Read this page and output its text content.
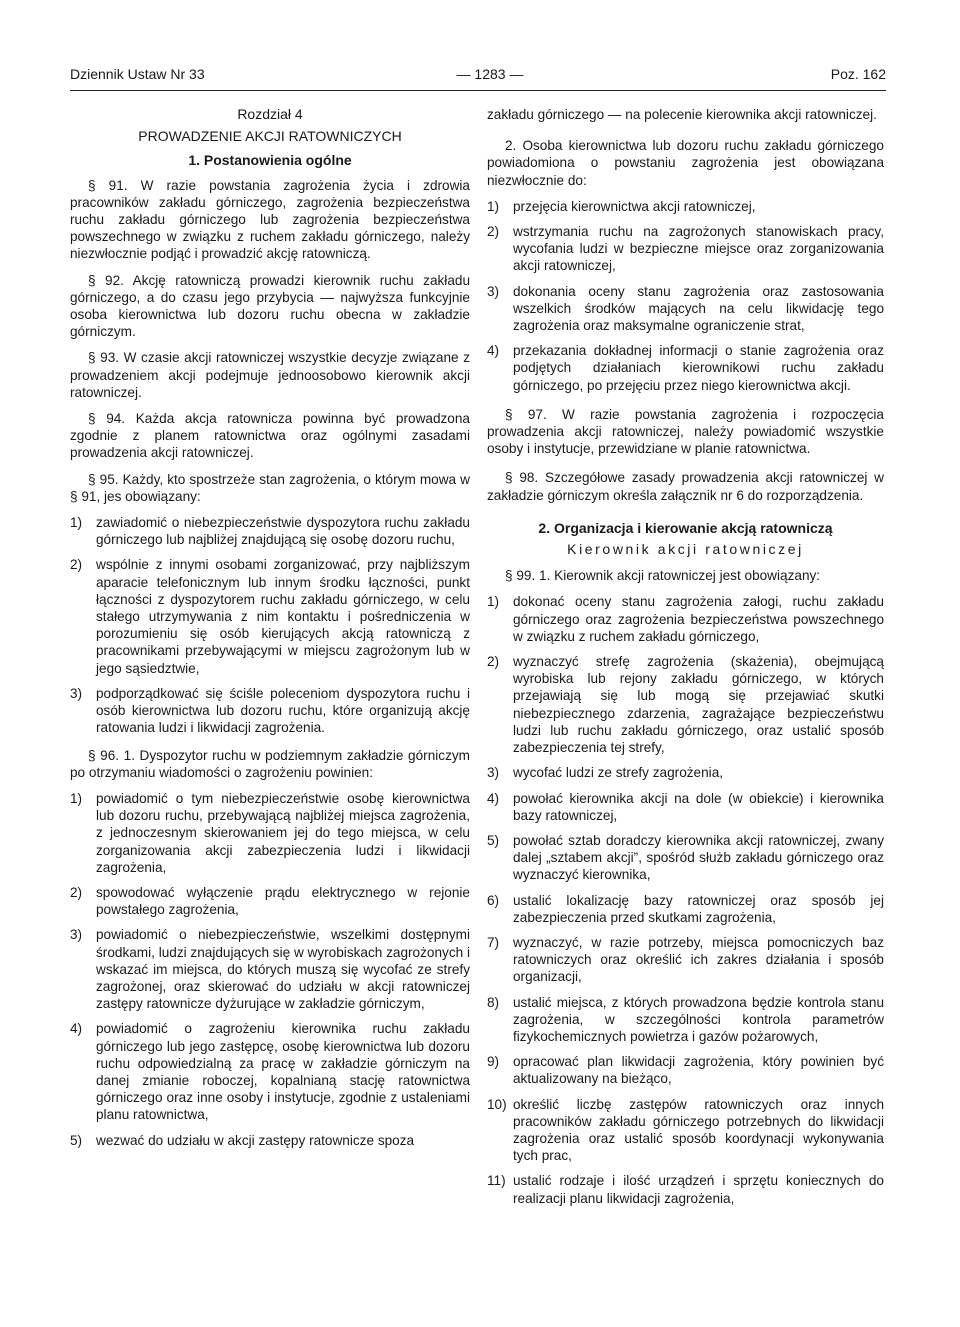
Dziennik Ustaw Nr 33	— 1283 —	Poz. 162

Rozdział 4

PROWADZENIE AKCJI RATOWNICZYCH

1. Postanowienia ogólne

§ 91. W razie powstania zagrożenia życia i zdrowia pracowników zakładu górniczego, zagrożenia bezpieczeństwa ruchu zakładu górniczego lub zagrożenia bezpieczeństwa powszechnego w związku z ruchem zakładu górniczego, należy niezwłocznie podjąć i prowadzić akcję ratowniczą.

§ 92. Akcję ratowniczą prowadzi kierownik ruchu zakładu górniczego, a do czasu jego przybycia — najwyższa funkcyjnie osoba kierownictwa lub dozoru ruchu obecna w zakładzie górniczym.

§ 93. W czasie akcji ratowniczej wszystkie decyzje związane z prowadzeniem akcji podejmuje jednoosobowo kierownik akcji ratowniczej.

§ 94. Każda akcja ratownicza powinna być prowadzona zgodnie z planem ratownictwa oraz ogólnymi zasadami prowadzenia akcji ratowniczej.

§ 95. Każdy, kto spostrzeże stan zagrożenia, o którym mowa w § 91, jes obowiązany:

1)	zawiadomić o niebezpieczeństwie dyspozytora ruchu zakładu górniczego lub najbliżej znajdującą się osobę dozoru ruchu,
2)	wspólnie z innymi osobami zorganizować, przy najbliższym aparacie telefonicznym lub innym środku łączności, punkt łączności z dyspozytorem ruchu zakładu górniczego, w celu stałego utrzymywania z nim kontaktu i pośredniczenia w porozumieniu się osób kierujących akcją ratowniczą z pracownikami przebywającymi w miejscu zagrożonym lub w jego sąsiedztwie,
3)	podporządkować się ściśle poleceniom dyspozytora ruchu i osób kierownictwa lub dozoru ruchu, które organizują akcję ratowania ludzi i likwidacji zagrożenia.

§ 96. 1. Dyspozytor ruchu w podziemnym zakładzie górniczym po otrzymaniu wiadomości o zagrożeniu powinien:

1)	powiadomić o tym niebezpieczeństwie osobę kierownictwa lub dozoru ruchu, przebywającą najbliżej miejsca zagrożenia, z jednoczesnym skierowaniem jej do tego miejsca, w celu zorganizowania akcji zabezpieczenia ludzi i likwidacji zagrożenia,
2)	spowodować wyłączenie prądu elektrycznego w rejonie powstałego zagrożenia,
3)	powiadomić o niebezpieczeństwie, wszelkimi dostępnymi środkami, ludzi znajdujących się w wyrobiskach zagrożonych i wskazać im miejsca, do których muszą się wycofać ze strefy zagrożonej, oraz skierować do udziału w akcji ratowniczej zastępy ratownicze dyżurujące w zakładzie górniczym,
4)	powiadomić o zagrożeniu kierownika ruchu zakładu górniczego lub jego zastępcę, osobę kierownictwa lub dozoru ruchu odpowiedzialną za pracę w zakładzie górniczym na danej zmianie roboczej, kopalnianą stację ratownictwa górniczego oraz inne osoby i instytucje, zgodnie z ustaleniami planu ratownictwa,
5)	wezwać do udziału w akcji zastępy ratownicze spoza

zakładu górniczego — na polecenie kierownika akcji ratowniczej.

2. Osoba kierownictwa lub dozoru ruchu zakładu górniczego powiadomiona o powstaniu zagrożenia jest obowiązana niezwłocznie do:

1)	przejęcia kierownictwa akcji ratowniczej,
2)	wstrzymania ruchu na zagrożonych stanowiskach pracy, wycofania ludzi w bezpieczne miejsce oraz zorganizowania akcji ratowniczej,
3)	dokonania oceny stanu zagrożenia oraz zastosowania wszelkich środków mających na celu likwidację tego zagrożenia oraz maksymalne ograniczenie strat,
4)	przekazania dokładnej informacji o stanie zagrożenia oraz podjętych działaniach kierownikowi ruchu zakładu górniczego, po przejęciu przez niego kierownictwa akcji.

§ 97. W razie powstania zagrożenia i rozpoczęcia prowadzenia akcji ratowniczej, należy powiadomić wszystkie osoby i instytucje, przewidziane w planie ratownictwa.

§ 98. Szczegółowe zasady prowadzenia akcji ratowniczej w zakładzie górniczym określa załącznik nr 6 do rozporządzenia.

2. Organizacja i kierowanie akcją ratowniczą

Kierownik akcji ratowniczej

§ 99. 1. Kierownik akcji ratowniczej jest obowiązany:

1)	dokonać oceny stanu zagrożenia załogi, ruchu zakładu górniczego oraz zagrożenia bezpieczeństwa powszechnego w związku z ruchem zakładu górniczego,
2)	wyznaczyć strefę zagrożenia (skażenia), obejmującą wyrobiska lub rejony zakładu górniczego, w których przejawiają się lub mogą się przejawiać skutki niebezpiecznego zdarzenia, zagrażające bezpieczeństwu ludzi lub ruchu zakładu górniczego, oraz ustalić sposób zabezpieczenia tej strefy,
3)	wycofać ludzi ze strefy zagrożenia,
4)	powołać kierownika akcji na dole (w obiekcie) i kierownika bazy ratowniczej,
5)	powołać sztab doradczy kierownika akcji ratowniczej, zwany dalej „sztabem akcji”, spośród służb zakładu górniczego oraz wyznaczyć kierownika,
6)	ustalić lokalizację bazy ratowniczej oraz sposób jej zabezpieczenia przed skutkami zagrożenia,
7)	wyznaczyć, w razie potrzeby, miejsca pomocniczych baz ratowniczych oraz określić ich zakres działania i sposób organizacji,
8)	ustalić miejsca, z których prowadzona będzie kontrola stanu zagrożenia, w szczególności kontrola parametrów fizykochemicznych powietrza i gazów pożarowych,
9)	opracować plan likwidacji zagrożenia, który powinien być aktualizowany na bieżąco,
10) określić liczbę zastępów ratowniczych oraz innych pracowników zakładu górniczego potrzebnych do likwidacji zagrożenia oraz ustalić sposób koordynacji wykonywania tych prac,
11) ustalić rodzaje i ilość urządzeń i sprzętu koniecznych do realizacji planu likwidacji zagrożenia,
